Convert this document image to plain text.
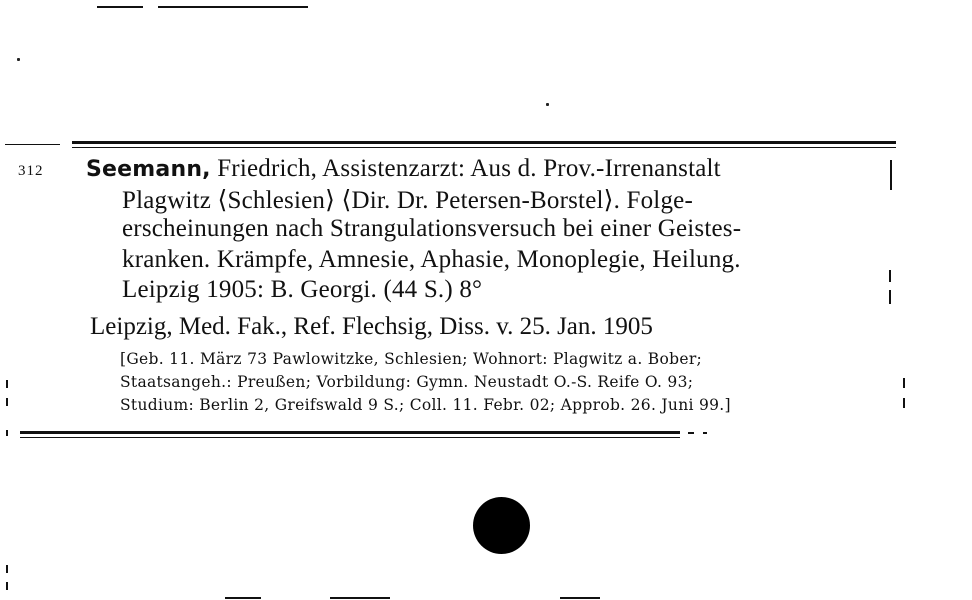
312 Seemann, Friedrich, Assistenzarzt: Aus d. Prov.-Irrenanstalt
Plagwitz ⟨Schlesien⟩ ⟨Dir. Dr. Petersen-Borstel⟩. Folge-
erscheinungen nach Strangulationsversuch bei einer Geistes-
kranken. Krämpfe, Amnesie, Aphasie, Monoplegie, Heilung.
Leipzig 1905: B. Georgi. (44 S.) 8°
Leipzig, Med. Fak., Ref. Flechsig, Diss. v. 25. Jan. 1905
[Geb. 11. März 73 Pawlowitzke, Schlesien; Wohnort: Plagwitz a. Bober;
Staatsangeh.: Preußen; Vorbildung: Gymn. Neustadt O.-S. Reife O. 93;
Studium: Berlin 2, Greifswald 9 S.; Coll. 11. Febr. 02; Approb. 26. Juni 99.]
